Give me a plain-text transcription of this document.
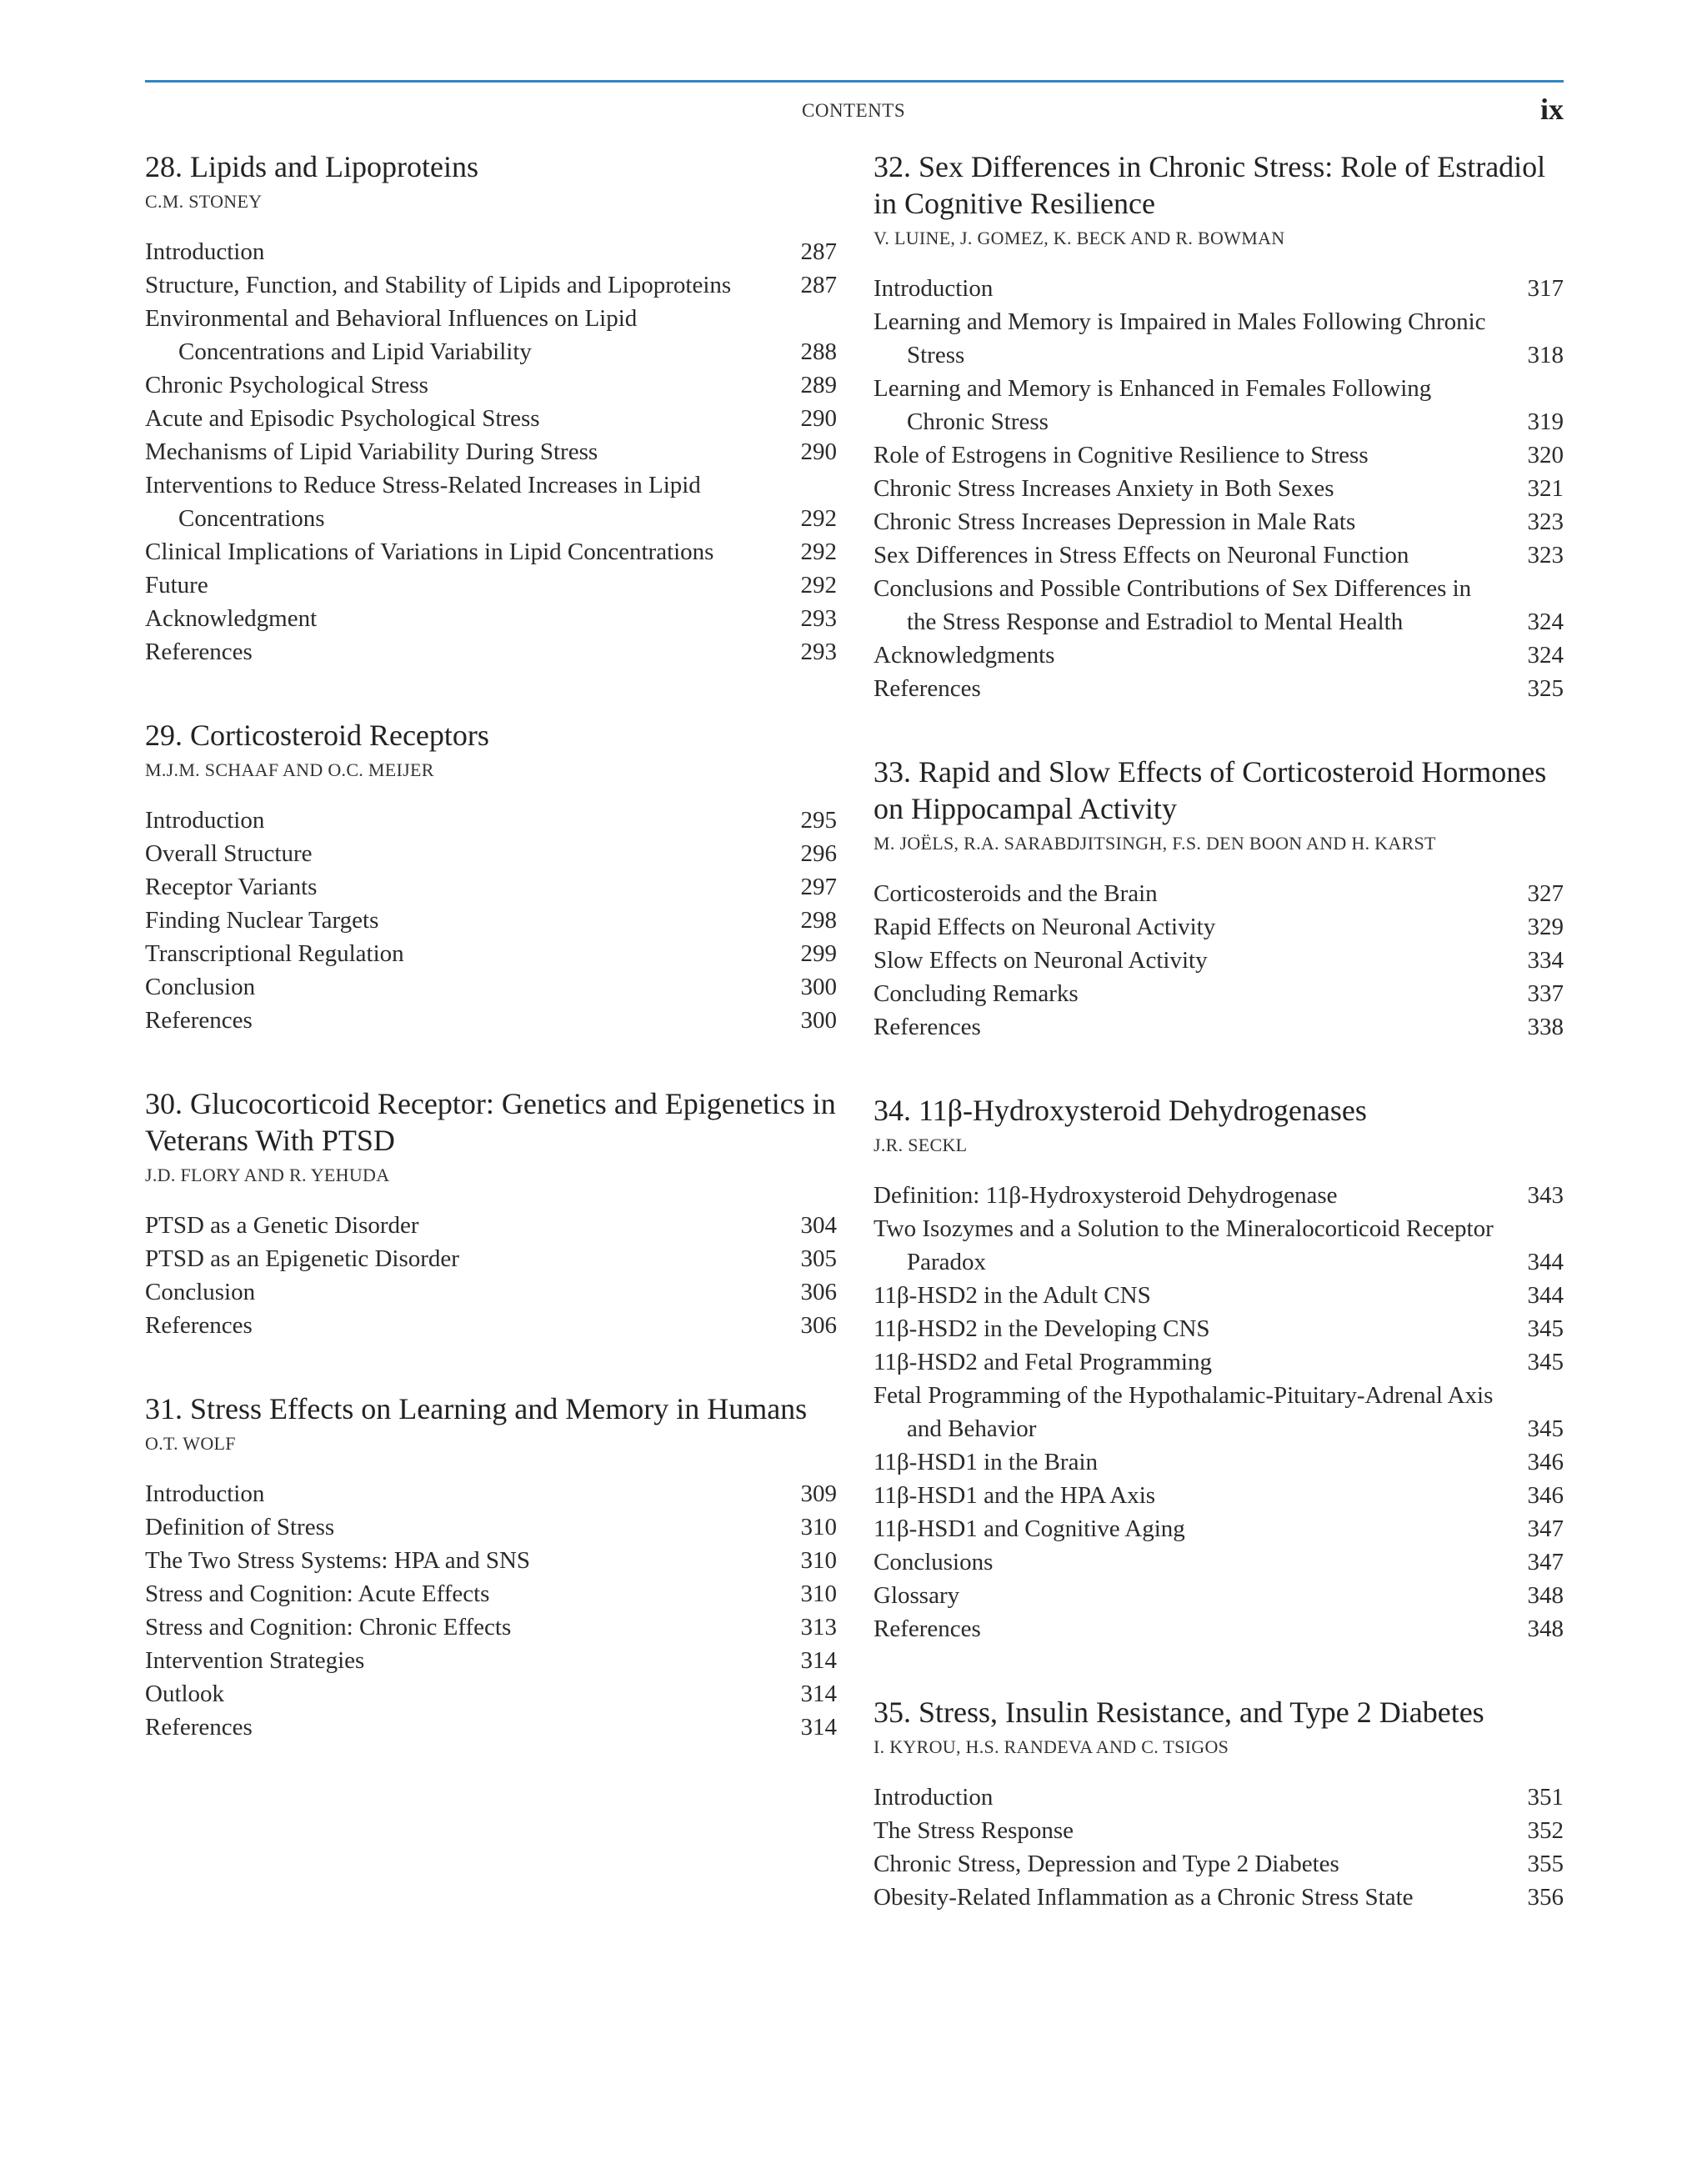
CONTENTS	ix
28. Lipids and Lipoproteins
C.M. STONEY
Introduction	287
Structure, Function, and Stability of Lipids and Lipoproteins	287
Environmental and Behavioral Influences on Lipid Concentrations and Lipid Variability	288
Chronic Psychological Stress	289
Acute and Episodic Psychological Stress	290
Mechanisms of Lipid Variability During Stress	290
Interventions to Reduce Stress-Related Increases in Lipid Concentrations	292
Clinical Implications of Variations in Lipid Concentrations	292
Future	292
Acknowledgment	293
References	293
29. Corticosteroid Receptors
M.J.M. SCHAAF AND O.C. MEIJER
Introduction	295
Overall Structure	296
Receptor Variants	297
Finding Nuclear Targets	298
Transcriptional Regulation	299
Conclusion	300
References	300
30. Glucocorticoid Receptor: Genetics and Epigenetics in Veterans With PTSD
J.D. FLORY AND R. YEHUDA
PTSD as a Genetic Disorder	304
PTSD as an Epigenetic Disorder	305
Conclusion	306
References	306
31. Stress Effects on Learning and Memory in Humans
O.T. WOLF
Introduction	309
Definition of Stress	310
The Two Stress Systems: HPA and SNS	310
Stress and Cognition: Acute Effects	310
Stress and Cognition: Chronic Effects	313
Intervention Strategies	314
Outlook	314
References	314
32. Sex Differences in Chronic Stress: Role of Estradiol in Cognitive Resilience
V. LUINE, J. GOMEZ, K. BECK AND R. BOWMAN
Introduction	317
Learning and Memory is Impaired in Males Following Chronic Stress	318
Learning and Memory is Enhanced in Females Following Chronic Stress	319
Role of Estrogens in Cognitive Resilience to Stress	320
Chronic Stress Increases Anxiety in Both Sexes	321
Chronic Stress Increases Depression in Male Rats	323
Sex Differences in Stress Effects on Neuronal Function	323
Conclusions and Possible Contributions of Sex Differences in the Stress Response and Estradiol to Mental Health	324
Acknowledgments	324
References	325
33. Rapid and Slow Effects of Corticosteroid Hormones on Hippocampal Activity
M. JOËLS, R.A. SARABDJITSINGH, F.S. DEN BOON AND H. KARST
Corticosteroids and the Brain	327
Rapid Effects on Neuronal Activity	329
Slow Effects on Neuronal Activity	334
Concluding Remarks	337
References	338
34. 11β-Hydroxysteroid Dehydrogenases
J.R. SECKL
Definition: 11β-Hydroxysteroid Dehydrogenase	343
Two Isozymes and a Solution to the Mineralocorticoid Receptor Paradox	344
11β-HSD2 in the Adult CNS	344
11β-HSD2 in the Developing CNS	345
11β-HSD2 and Fetal Programming	345
Fetal Programming of the Hypothalamic-Pituitary-Adrenal Axis and Behavior	345
11β-HSD1 in the Brain	346
11β-HSD1 and the HPA Axis	346
11β-HSD1 and Cognitive Aging	347
Conclusions	347
Glossary	348
References	348
35. Stress, Insulin Resistance, and Type 2 Diabetes
I. KYROU, H.S. RANDEVA AND C. TSIGOS
Introduction	351
The Stress Response	352
Chronic Stress, Depression and Type 2 Diabetes	355
Obesity-Related Inflammation as a Chronic Stress State	356
